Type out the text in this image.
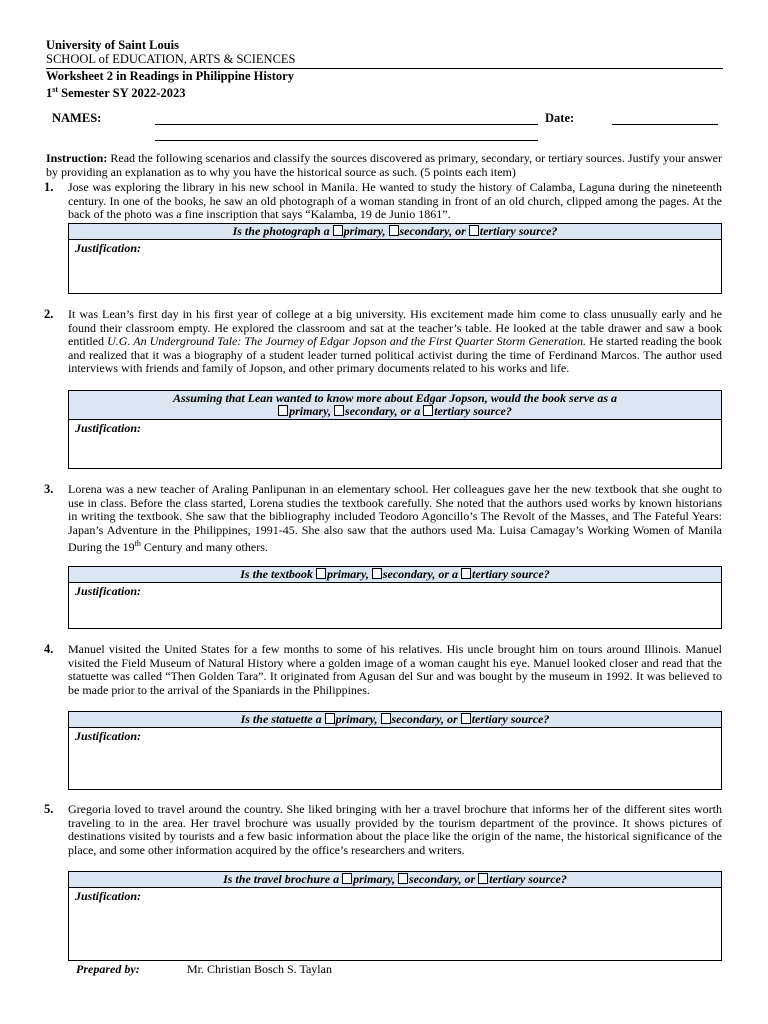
University of Saint Louis
SCHOOL of EDUCATION, ARTS & SCIENCES
Worksheet 2 in Readings in Philippine History
1st Semester SY 2022-2023
NAMES:	Date:
Instruction: Read the following scenarios and classify the sources discovered as primary, secondary, or tertiary sources. Justify your answer by providing an explanation as to why you have the historical source as such. (5 points each item)
1. Jose was exploring the library in his new school in Manila. He wanted to study the history of Calamba, Laguna during the nineteenth century. In one of the books, he saw an old photograph of a woman standing in front of an old church, clipped among the pages. At the back of the photo was a fine inscription that says “Kalamba, 19 de Junio 1861”.
Is the photograph a primary, secondary, or tertiary source?
Justification:
2. It was Lean’s first day in his first year of college at a big university. His excitement made him come to class unusually early and he found their classroom empty. He explored the classroom and sat at the teacher’s table. He looked at the table drawer and saw a book entitled U.G. An Underground Tale: The Journey of Edgar Jopson and the First Quarter Storm Generation. He started reading the book and realized that it was a biography of a student leader turned political activist during the time of Ferdinand Marcos. The author used interviews with friends and family of Jopson, and other primary documents related to his works and life.
Assuming that Lean wanted to know more about Edgar Jopson, would the book serve as a
primary, secondary, or a tertiary source?
Justification:
3. Lorena was a new teacher of Araling Panlipunan in an elementary school. Her colleagues gave her the new textbook that she ought to use in class. Before the class started, Lorena studies the textbook carefully. She noted that the authors used works by known historians in writing the textbook. She saw that the bibliography included Teodoro Agoncillo’s The Revolt of the Masses, and The Fateful Years: Japan’s Adventure in the Philippines, 1991-45. She also saw that the authors used Ma. Luisa Camagay’s Working Women of Manila During the 19th Century and many others.
Is the textbook primary, secondary, or a tertiary source?
Justification:
4. Manuel visited the United States for a few months to some of his relatives. His uncle brought him on tours around Illinois. Manuel visited the Field Museum of Natural History where a golden image of a woman caught his eye. Manuel looked closer and read that the statuette was called “Then Golden Tara”. It originated from Agusan del Sur and was bought by the museum in 1992. It was believed to be made prior to the arrival of the Spaniards in the Philippines.
Is the statuette a primary, secondary, or tertiary source?
Justification:
5. Gregoria loved to travel around the country. She liked bringing with her a travel brochure that informs her of the different sites worth traveling to in the area. Her travel brochure was usually provided by the tourism department of the province. It shows pictures of destinations visited by tourists and a few basic information about the place like the origin of the name, the historical significance of the place, and some other information acquired by the office’s researchers and writers.
Is the travel brochure a primary, secondary, or tertiary source?
Justification:
Prepared by:	Mr. Christian Bosch S. Taylan
